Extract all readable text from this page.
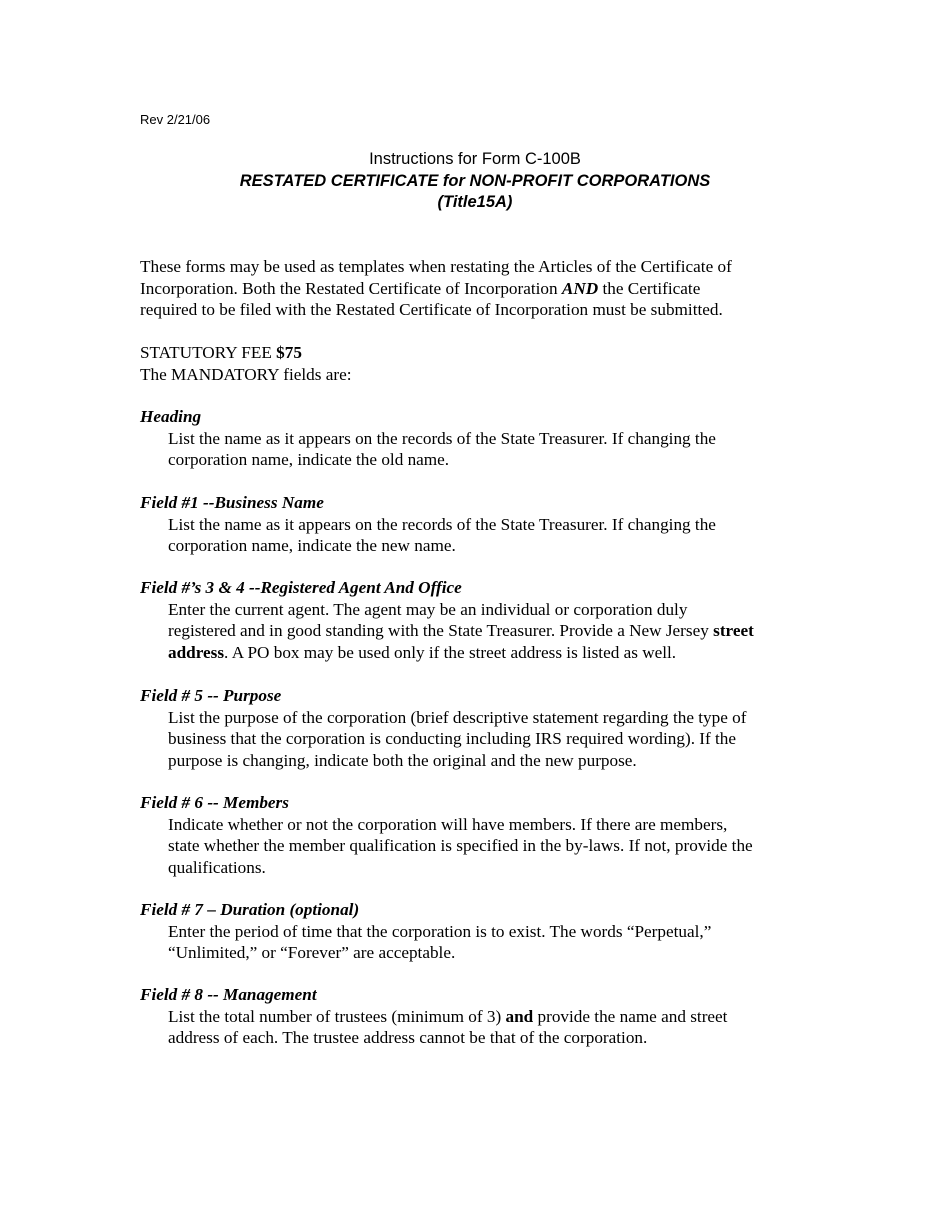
Rev 2/21/06
Instructions for Form C-100B
RESTATED CERTIFICATE for NON-PROFIT CORPORATIONS
(Title15A)
These forms may be used as templates when restating the Articles of the Certificate of
Incorporation. Both the Restated Certificate of Incorporation AND the Certificate
required to be filed with the Restated Certificate of Incorporation must be submitted.
STATUTORY FEE $75
The MANDATORY fields are:
Heading
List the name as it appears on the records of the State Treasurer. If changing the
corporation name, indicate the old name.
Field #1 --Business Name
List the name as it appears on the records of the State Treasurer. If changing the
corporation name, indicate the new name.
Field #’s 3 & 4 --Registered Agent And Office
Enter the current agent. The agent may be an individual or corporation duly
registered and in good standing with the State Treasurer. Provide a New Jersey street
address. A PO box may be used only if the street address is listed as well.
Field # 5 -- Purpose
List the purpose of the corporation (brief descriptive statement regarding the type of
business that the corporation is conducting including IRS required wording). If the
purpose is changing, indicate both the original and the new purpose.
Field # 6 -- Members
Indicate whether or not the corporation will have members. If there are members,
state whether the member qualification is specified in the by-laws. If not, provide the
qualifications.
Field # 7 – Duration (optional)
Enter the period of time that the corporation is to exist. The words “Perpetual,”
“Unlimited,” or “Forever” are acceptable.
Field # 8 -- Management
List the total number of trustees (minimum of 3) and provide the name and street
address of each. The trustee address cannot be that of the corporation.
